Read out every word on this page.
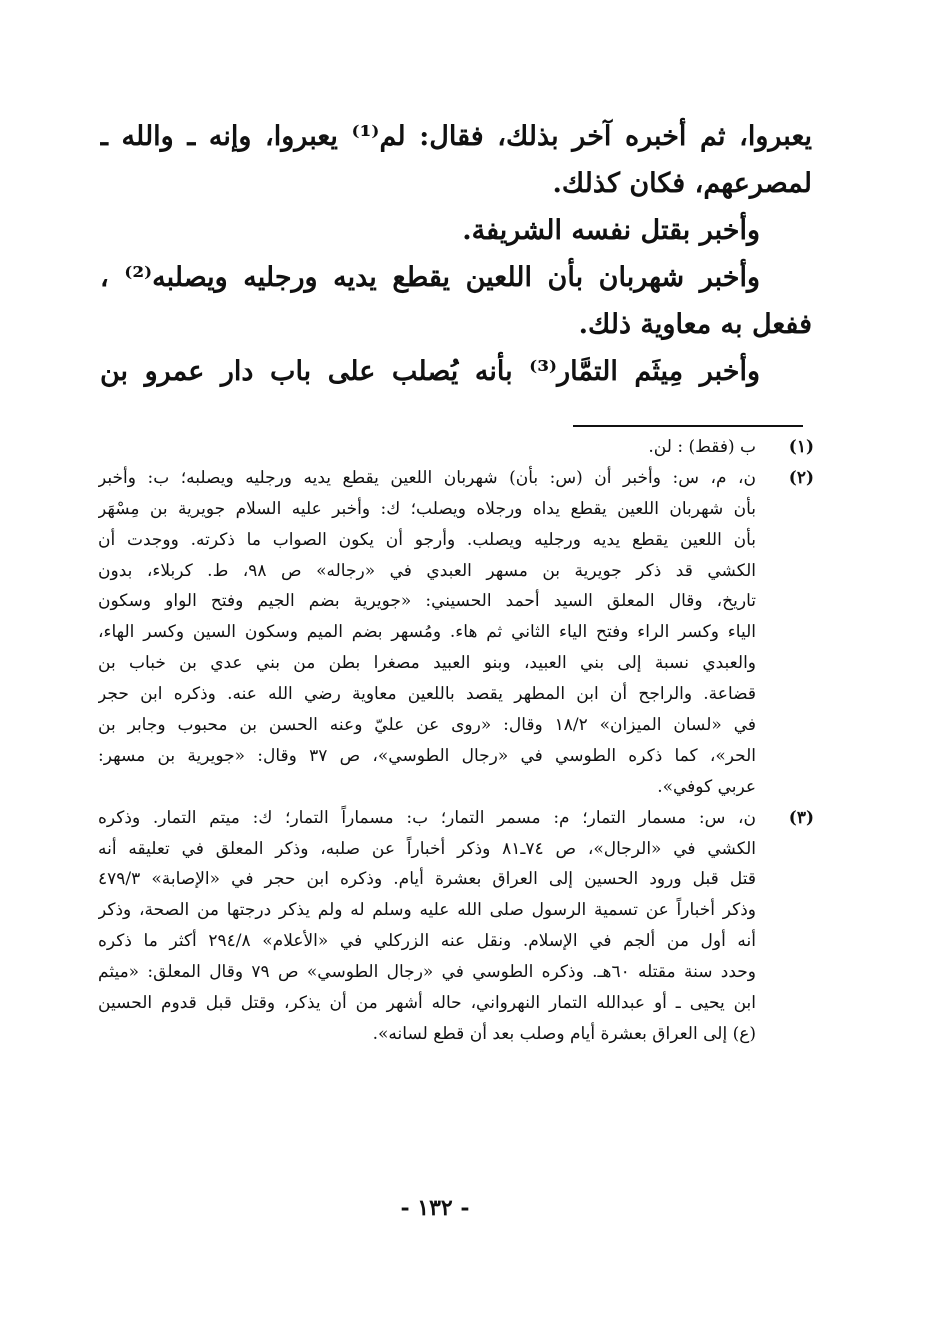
يعبروا، ثم أخبره آخر بذلك، فقال: لم⁽¹⁾ يعبروا، وإنه ـ والله ـ

لمصرعهم، فكان كذلك.

وأخبر بقتل نفسه الشريفة.

وأخبر شهربان بأن اللعين يقطع يديه ورجليه ويصلبه⁽²⁾ ،

ففعل به معاوية ذلك.

وأخبر مِيثَم التمَّار⁽³⁾ بأنه يُصلب على باب دار عمرو بن

(١)
ب (فقط) : لن.
(٢)
ن، م، س: وأخبر أن (س: بأن) شهربان اللعين يقطع يديه ورجليه ويصلبه؛ ب: وأخبر
بأن شهربان اللعين يقطع يداه ورجلاه ويصلب؛ ك: وأخبر عليه السلام جويرية بن مِسْهَر
بأن اللعين يقطع يديه ورجليه ويصلب. وأرجو أن يكون الصواب ما ذكرته. ووجدت أن
الكشي قد ذكر جويرية بن مسهر العبدي في «رجاله» ص ٩٨، ط. كربلاء، بدون
تاريخ، وقال المعلق السيد أحمد الحسيني: «جويرية بضم الجيم وفتح الواو وسكون
الياء وكسر الراء وفتح الياء الثاني ثم هاء. ومُسهر بضم الميم وسكون السين وكسر الهاء،
والعبدي نسبة إلى بني العبيد، وبنو العبيد مصغرا بطن من بني عدي بن خباب بن
قضاعة. والراجح أن ابن المطهر يقصد باللعين معاوية رضي الله عنه. وذكره ابن حجر
في «لسان الميزان» ١٨/٢ وقال: «روى عن عليّ وعنه الحسن بن محبوب وجابر بن
الحر»، كما ذكره الطوسي في «رجال الطوسي»، ص ٣٧ وقال: «جويرية بن مسهر:
عربي كوفي».
(٣)
ن، س: مسمار التمار؛ م: مسمر التمار؛ ب: مسماراً التمار؛ ك: ميتم التمار. وذكره
الكشي في «الرجال»، ص ٧٤ـ٨١ وذكر أخباراً عن صلبه، وذكر المعلق في تعليقه أنه
قتل قبل ورود الحسين إلى العراق بعشرة أيام. وذكره ابن حجر في «الإصابة» ٤٧٩/٣
وذكر أخباراً عن تسمية الرسول صلى الله عليه وسلم له ولم يذكر درجتها من الصحة، وذكر
أنه أول من ألجم في الإسلام. ونقل عنه الزركلي في «الأعلام» ٢٩٤/٨ أكثر ما ذكره
وحدد سنة مقتله ٦٠هـ. وذكره الطوسي في «رجال الطوسي» ص ٧٩ وقال المعلق: «ميثم
ابن يحيى ـ أو عبدالله التمار النهرواني، حاله أشهر من أن يذكر، وقتل قبل قدوم الحسين
(ع) إلى العراق بعشرة أيام وصلب بعد أن قطع لسانه».
- ١٣٢ -
